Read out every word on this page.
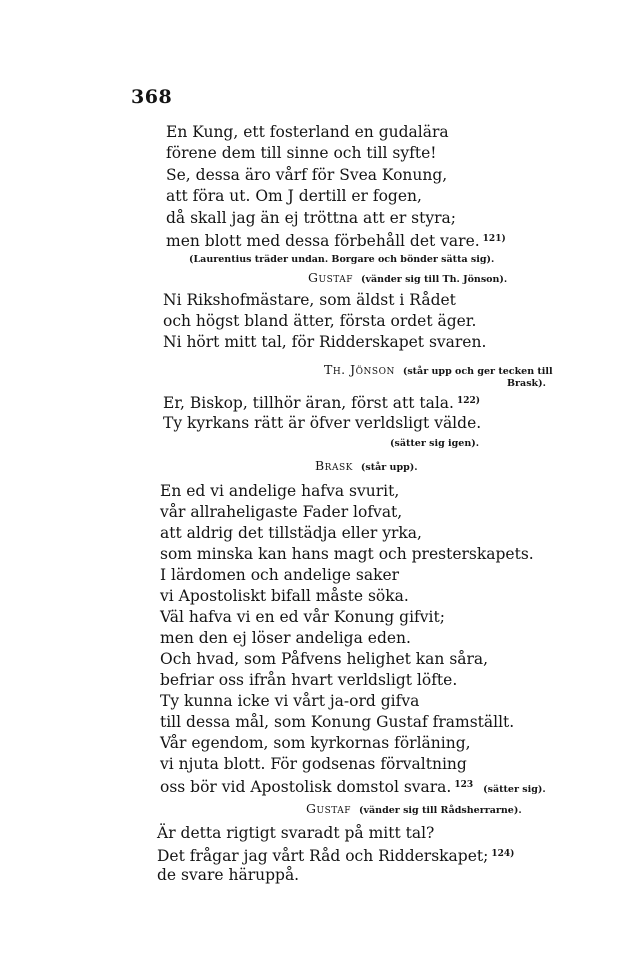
368
En Kung, ett fosterland en gudalära
förene dem till sinne och till syfte!
Se, dessa äro vårf för Svea Konung,
att föra ut. Om J dertill er fogen,
då skall jag än ej tröttna att er styra;
men blott med dessa förbehåll det vare. $^{121)}$
(Laurentius träder undan. Borgare och bönder sätta sig).
Gustaf (vänder sig till Th. Jönson).
Ni Rikshofmästare, som äldst i Rådet
och högst bland ätter, första ordet äger.
Ni hört mitt tal, för Ridderskapet svaren.
Th. Jönson (står upp och ger tecken till
Brask).
Er, Biskop, tillhör äran, först att tala. $^{122)}$
Ty kyrkans rätt är öfver verldsligt välde.
(sätter sig igen).
Brask (står upp).
En ed vi andelige hafva svurit,
vår allraheligaste Fader lofvat,
att aldrig det tillstädja eller yrka,
som minska kan hans magt och presterskapets.
I lärdomen och andelige saker
vi Apostoliskt bifall måste söka.
Väl hafva vi en ed vår Konung gifvit;
men den ej löser andeliga eden.
Och hvad, som Påfvens helighet kan såra,
befriar oss ifrån hvart verldsligt löfte.
Ty kunna icke vi vårt ja-ord gifva
till dessa mål, som Konung Gustaf framställt.
Vår egendom, som kyrkornas förläning,
vi njuta blott. För godsenas förvaltning
oss bör vid Apostolisk domstol svara. $^{123}$ (sätter sig).
Gustaf (vänder sig till Rådsherrarne).
Är detta rigtigt svaradt på mitt tal?
Det frågar jag vårt Råd och Ridderskapet; $^{124)}$
de svare häruppå.
